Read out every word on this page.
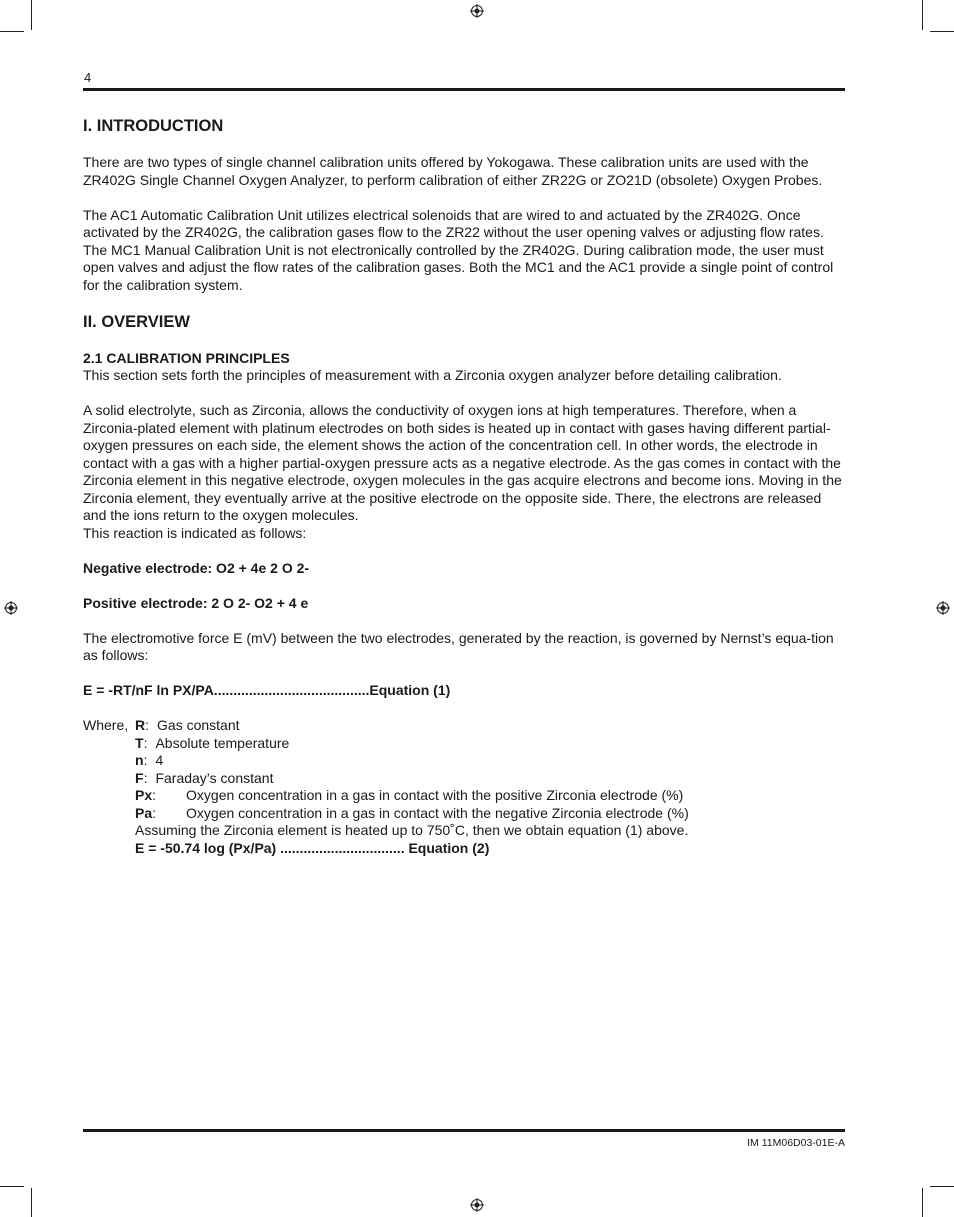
4
I. INTRODUCTION

There are two types of single channel calibration units offered by Yokogawa. These calibration units are used with the ZR402G Single Channel Oxygen Analyzer, to perform calibration of either ZR22G or ZO21D (obsolete) Oxygen Probes.

The AC1 Automatic Calibration Unit utilizes electrical solenoids that are wired to and actuated by the ZR402G. Once activated by the ZR402G, the calibration gases flow to the ZR22 without the user opening valves or adjusting flow rates. The MC1 Manual Calibration Unit is not electronically controlled by the ZR402G. During calibration mode, the user must open valves and adjust the flow rates of the calibration gases. Both the MC1 and the AC1 provide a single point of control for the calibration system.

II. OVERVIEW

2.1 CALIBRATION PRINCIPLES

This section sets forth the principles of measurement with a Zirconia oxygen analyzer before detailing calibration.

A solid electrolyte, such as Zirconia, allows the conductivity of oxygen ions at high temperatures. Therefore, when a Zirconia-plated element with platinum electrodes on both sides is heated up in contact with gases having different partial-oxygen pressures on each side, the element shows the action of the concentration cell. In other words, the electrode in contact with a gas with a higher partial-oxygen pressure acts as a negative electrode. As the gas comes in contact with the Zirconia element in this negative electrode, oxygen molecules in the gas acquire electrons and become ions. Moving in the Zirconia element, they eventually arrive at the positive electrode on the opposite side. There, the electrons are released and the ions return to the oxygen molecules.

This reaction is indicated as follows:

Negative electrode: O2 + 4e 2 O 2-

Positive electrode: 2 O 2- O2 + 4 e

The electromotive force E (mV) between the two electrodes, generated by the reaction, is governed by Nernst’s equa-tion as follows:

E = -RT/nF ln PX/PA........................................Equation (1)

Where, R : Gas constant
T : Absolute temperature
n : 4
F : Faraday’s constant
Px : Oxygen concentration in a gas in contact with the positive Zirconia electrode (%)
Pa : Oxygen concentration in a gas in contact with the negative Zirconia electrode (%)
Assuming the Zirconia element is heated up to 750˚C, then we obtain equation (1) above.
E = -50.74 log (Px/Pa) ................................ Equation (2)
IM 11M06D03-01E-A
